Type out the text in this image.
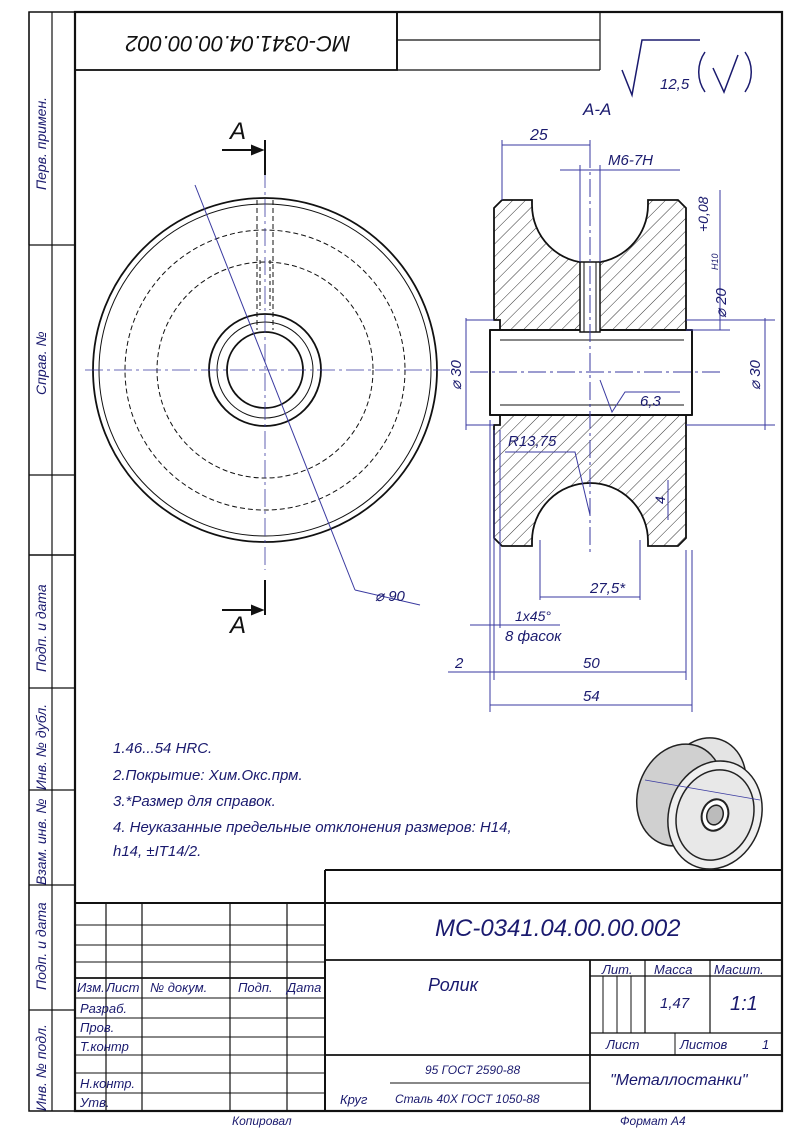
МС-0341.04.00.00.002
12,5
А-А
А
А
25
М6-7Н
+0,08
Н10
⌀ 20
⌀ 30	⌀ 30
6,3
R13,75
4
27,5*
⌀ 90
1x45°
8 фасок
2	50
54
1.46...54 HRC.
2.Покрытие: Хим.Окс.прм.
3.*Размер для справок.
4. Неуказанные предельные отклонения размеров: Н14,
h14, ±IT14/2.
Перв. примен.
Справ. №
Подп. и дата
Инв. № дубл.
Взам. инв. №
Подп. и дата
Инв. № подл.
МС-0341.04.00.00.002
Ролик
Изм. Лист № докум. Подп. Дата
Разраб.
Пров.
Т.контр
Н.контр.
Утв.
Лит. Масса Масшт.
1,47 1:1
Лист	Листов	1
95 ГОСТ 2590-88
Круг Сталь 40Х ГОСТ 1050-88
"Металлостанки"
Копировал	Формат А4
